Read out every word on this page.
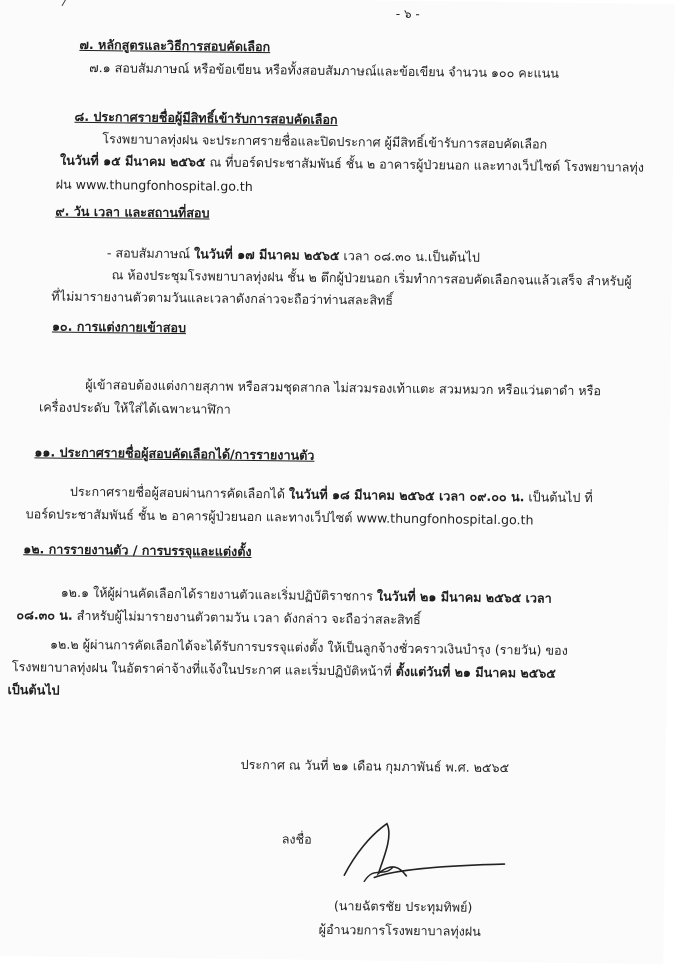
- ๖ -
๗. หลักสูตรและวิธีการสอบคัดเลือก
๗.๑ สอบสัมภาษณ์ หรือข้อเขียน หรือทั้งสอบสัมภาษณ์และข้อเขียน จำนวน ๑๐๐ คะแนน
๘. ประกาศรายชื่อผู้มีสิทธิ์เข้ารับการสอบคัดเลือก
โรงพยาบาลทุ่งฝน จะประกาศรายชื่อและปิดประกาศ ผู้มีสิทธิ์เข้ารับการสอบคัดเลือก
ในวันที่ ๑๕ มีนาคม ๒๕๖๕ ณ ที่บอร์ดประชาสัมพันธ์ ชั้น ๒ อาคารผู้ป่วยนอก และทางเว็ปไซต์ โรงพยาบาลทุ่ง
ฝน www.thungfonhospital.go.th
๙. วัน เวลา และสถานที่สอบ
- สอบสัมภาษณ์ ในวันที่ ๑๗ มีนาคม ๒๕๖๕ เวลา ๐๘.๓๐ น.เป็นต้นไป
ณ ห้องประชุมโรงพยาบาลทุ่งฝน ชั้น ๒ ตึกผู้ป่วยนอก เริ่มทำการสอบคัดเลือกจนแล้วเสร็จ สำหรับผู้
ที่ไม่มารายงานตัวตามวันและเวลาดังกล่าวจะถือว่าท่านสละสิทธิ์
๑๐. การแต่งกายเข้าสอบ
ผู้เข้าสอบต้องแต่งกายสุภาพ หรือสวมชุดสากล ไม่สวมรองเท้าแตะ สวมหมวก หรือแว่นตาดำ หรือ
เครื่องประดับ ให้ใส่ได้เฉพาะนาฬิกา
๑๑. ประกาศรายชื่อผู้สอบคัดเลือกได้/การรายงานตัว
ประกาศรายชื่อผู้สอบผ่านการคัดเลือกได้ ในวันที่ ๑๘ มีนาคม ๒๕๖๕ เวลา ๐๙.๐๐ น. เป็นต้นไป ที่
บอร์ดประชาสัมพันธ์ ชั้น ๒ อาคารผู้ป่วยนอก และทางเว็ปไซต์ www.thungfonhospital.go.th
๑๒. การรายงานตัว / การบรรจุและแต่งตั้ง
๑๒.๑ ให้ผู้ผ่านคัดเลือกได้รายงานตัวและเริ่มปฏิบัติราชการ ในวันที่ ๒๑ มีนาคม ๒๕๖๕ เวลา
๐๘.๓๐ น. สำหรับผู้ไม่มารายงานตัวตามวัน เวลา ดังกล่าว จะถือว่าสละสิทธิ์
๑๒.๒ ผู้ผ่านการคัดเลือกได้จะได้รับการบรรจุแต่งตั้ง ให้เป็นลูกจ้างชั่วคราวเงินบำรุง (รายวัน) ของ
โรงพยาบาลทุ่งฝน ในอัตราค่าจ้างที่แจ้งในประกาศ และเริ่มปฏิบัติหน้าที่ ตั้งแต่วันที่ ๒๑ มีนาคม ๒๕๖๕
เป็นต้นไป
ประกาศ ณ วันที่ ๒๑ เดือน กุมภาพันธ์ พ.ศ. ๒๕๖๕
ลงชื่อ
(นายฉัตรชัย ประทุมทิพย์)
ผู้อำนวยการโรงพยาบาลทุ่งฝน
